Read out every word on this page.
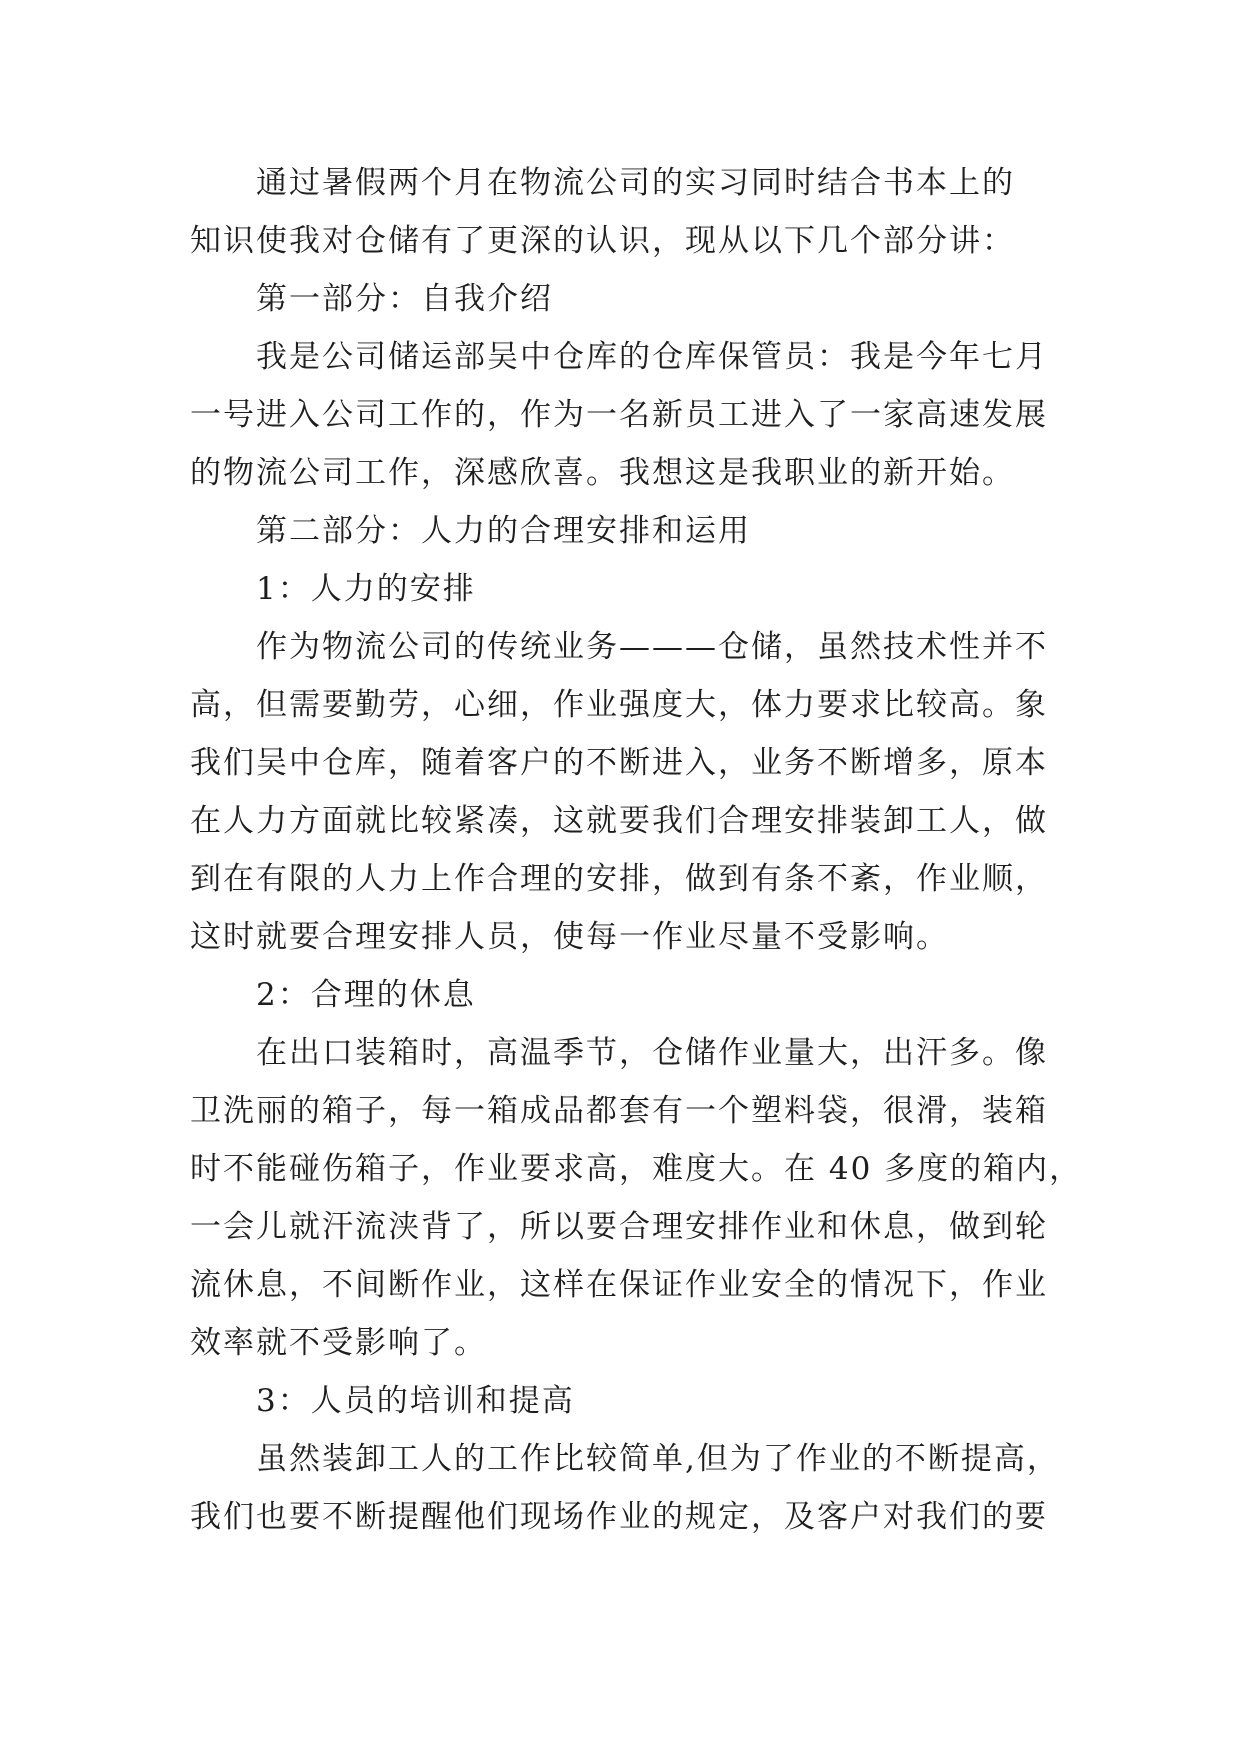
通过暑假两个月在物流公司的实习同时结合书本上的
知识使我对仓储有了更深的认识，现从以下几个部分讲：
第一部分：自我介绍
我是公司储运部吴中仓库的仓库保管员：我是今年七月
一号进入公司工作的，作为一名新员工进入了一家高速发展
的物流公司工作，深感欣喜。我想这是我职业的新开始。
第二部分：人力的合理安排和运用
1：人力的安排
作为物流公司的传统业务———仓储，虽然技术性并不
高，但需要勤劳，心细，作业强度大，体力要求比较高。象
我们吴中仓库，随着客户的不断进入，业务不断增多，原本
在人力方面就比较紧凑，这就要我们合理安排装卸工人，做
到在有限的人力上作合理的安排，做到有条不紊，作业顺，
这时就要合理安排人员，使每一作业尽量不受影响。
2：合理的休息
在出口装箱时，高温季节，仓储作业量大，出汗多。像
卫洗丽的箱子，每一箱成品都套有一个塑料袋，很滑，装箱
时不能碰伤箱子，作业要求高，难度大。在 40 多度的箱内，
一会儿就汗流浃背了，所以要合理安排作业和休息，做到轮
流休息，不间断作业，这样在保证作业安全的情况下，作业
效率就不受影响了。
3：人员的培训和提高
虽然装卸工人的工作比较简单,但为了作业的不断提高，
我们也要不断提醒他们现场作业的规定，及客户对我们的要
